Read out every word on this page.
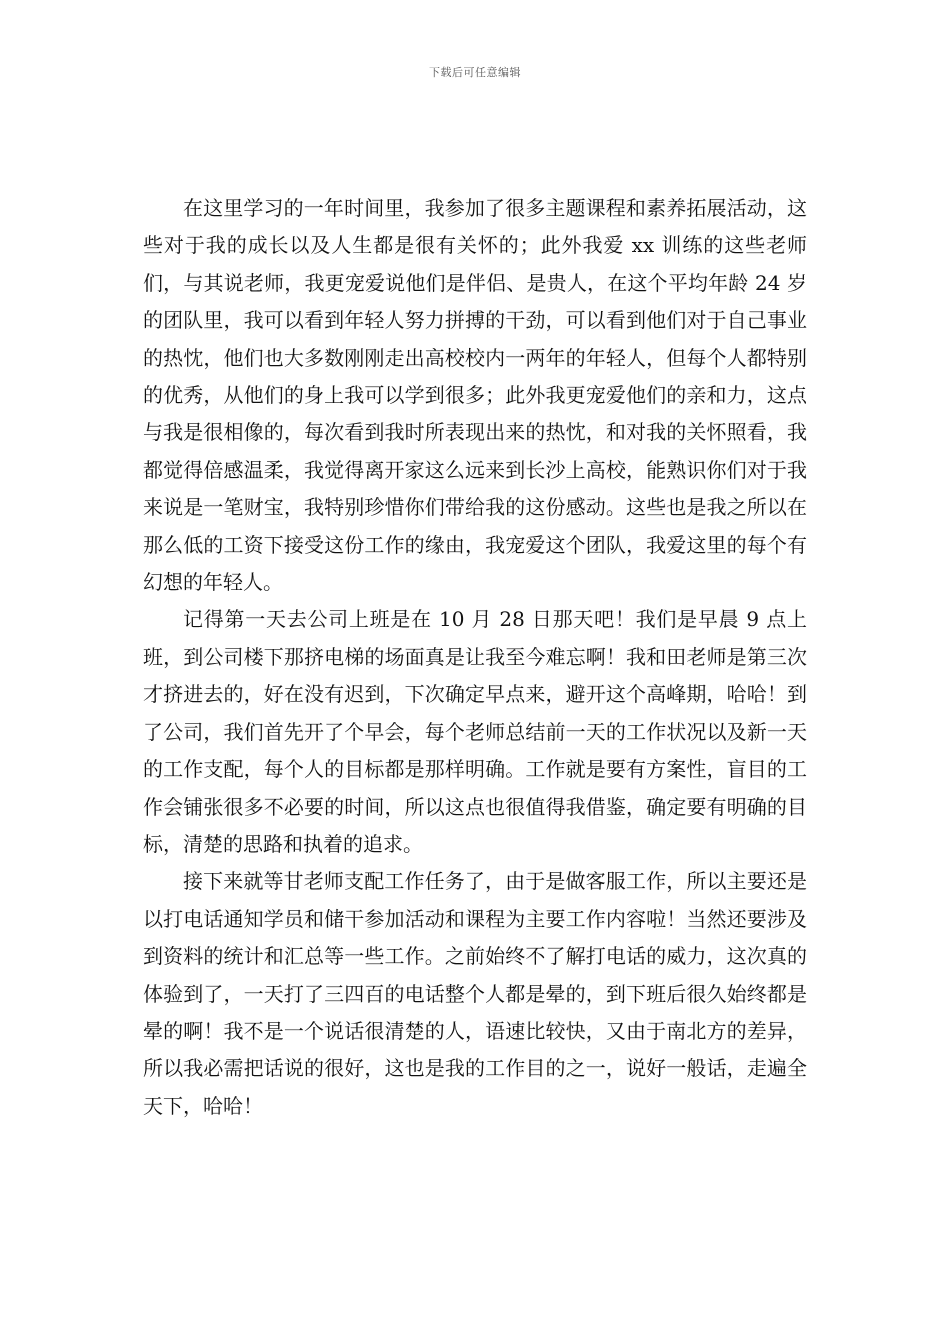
下载后可任意编辑

在这里学习的一年时间里，我参加了很多主题课程和素养拓展活动，这些对于我的成长以及人生都是很有关怀的；此外我爱 xx 训练的这些老师们，与其说老师，我更宠爱说他们是伴侣、是贵人，在这个平均年龄 24 岁的团队里，我可以看到年轻人努力拼搏的干劲，可以看到他们对于自己事业的热忱，他们也大多数刚刚走出高校校内一两年的年轻人，但每个人都特别的优秀，从他们的身上我可以学到很多；此外我更宠爱他们的亲和力，这点与我是很相像的，每次看到我时所表现出来的热忱，和对我的关怀照看，我都觉得倍感温柔，我觉得离开家这么远来到长沙上高校，能熟识你们对于我来说是一笔财宝，我特别珍惜你们带给我的这份感动。这些也是我之所以在那么低的工资下接受这份工作的缘由，我宠爱这个团队，我爱这里的每个有幻想的年轻人。

记得第一天去公司上班是在 10 月 28 日那天吧！我们是早晨 9 点上班，到公司楼下那挤电梯的场面真是让我至今难忘啊！我和田老师是第三次才挤进去的，好在没有迟到，下次确定早点来，避开这个高峰期，哈哈！到了公司，我们首先开了个早会，每个老师总结前一天的工作状况以及新一天的工作支配，每个人的目标都是那样明确。工作就是要有方案性，盲目的工作会铺张很多不必要的时间，所以这点也很值得我借鉴，确定要有明确的目标，清楚的思路和执着的追求。

接下来就等甘老师支配工作任务了，由于是做客服工作，所以主要还是以打电话通知学员和储干参加活动和课程为主要工作内容啦！当然还要涉及到资料的统计和汇总等一些工作。之前始终不了解打电话的威力，这次真的体验到了，一天打了三四百的电话整个人都是晕的，到下班后很久始终都是晕的啊！我不是一个说话很清楚的人，语速比较快，又由于南北方的差异，所以我必需把话说的很好，这也是我的工作目的之一，说好一般话，走遍全天下，哈哈！
